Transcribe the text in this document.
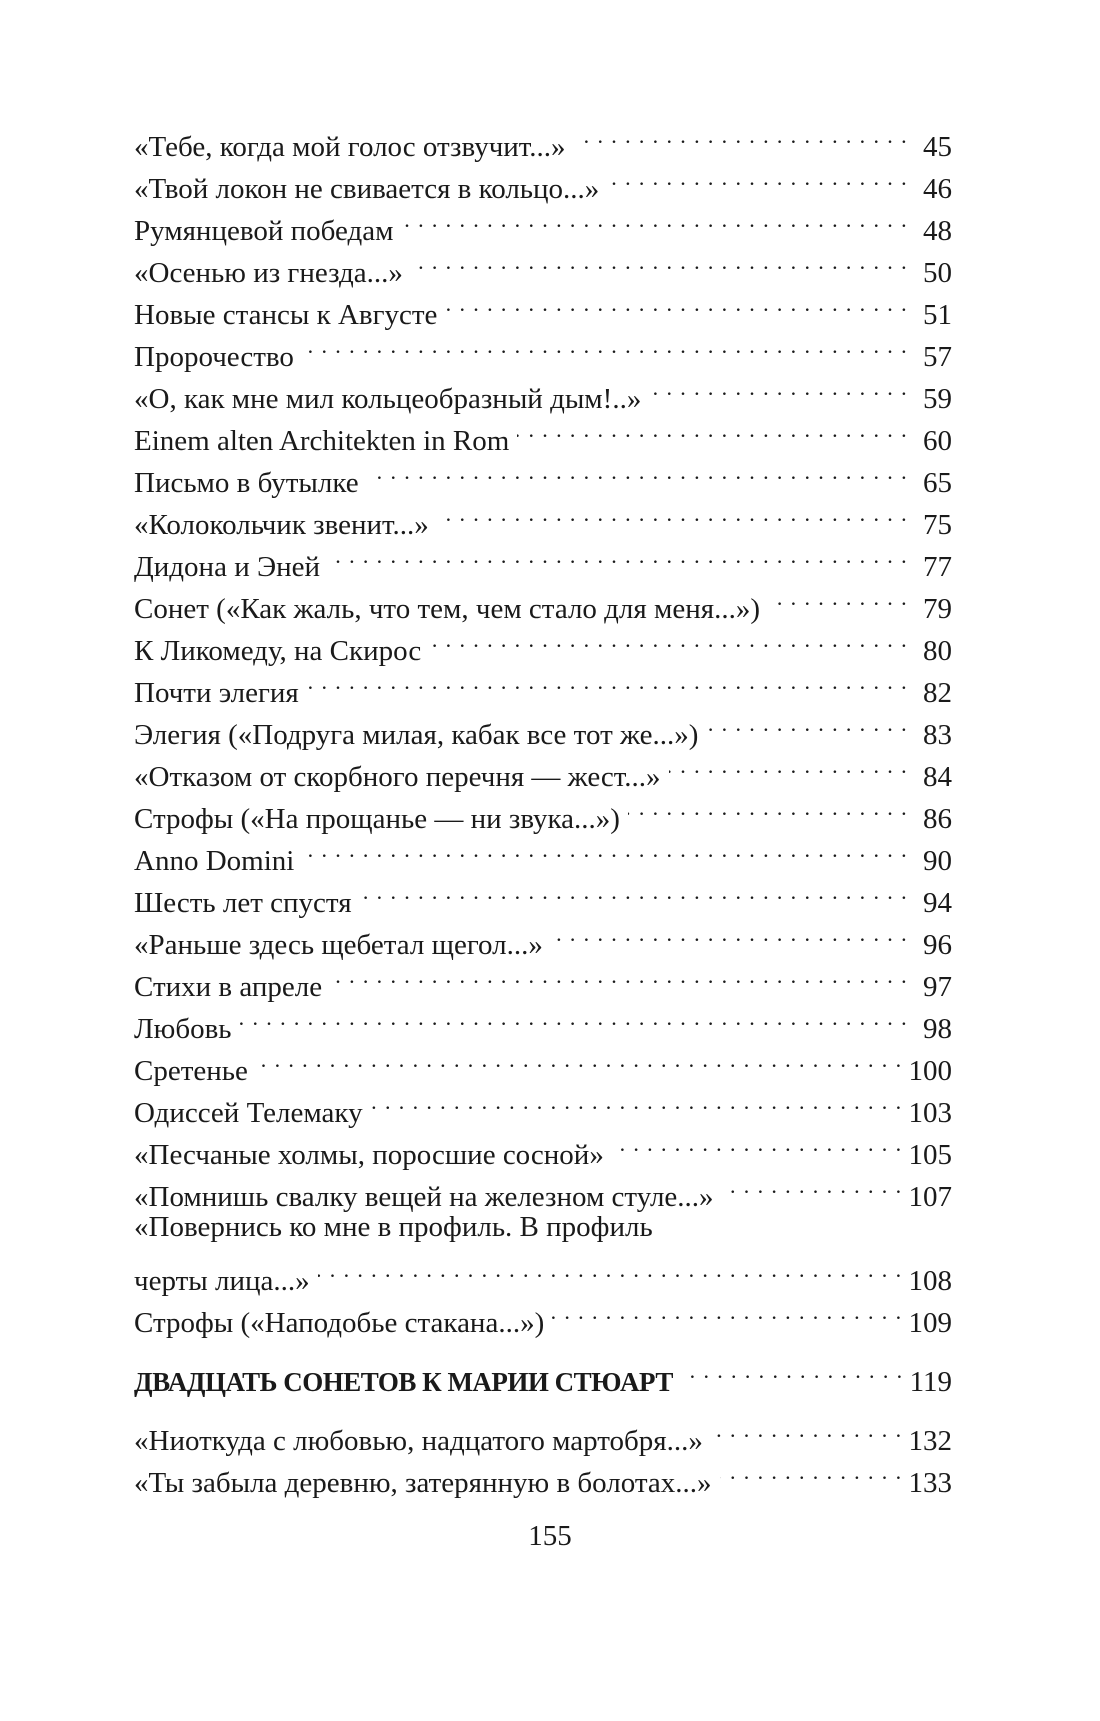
«Тебе, когда мой голос отзвучит...» . . .	45
«Твой локон не свивается в кольцо...» . . .	46
Румянцевой победам . . .	48
«Осенью из гнезда...» . . .	50
Новые стансы к Августе . . .	51
Пророчество . . .	57
«О, как мне мил кольцеобразный дым!..» . . .	59
Einem alten Architekten in Rom . . .	60
Письмо в бутылке . . .	65
«Колокольчик звенит...» . . .	75
Дидона и Эней . . .	77
Сонет («Как жаль, что тем, чем стало для меня...») . . .	79
К Ликомеду, на Скирос . . .	80
Почти элегия . . .	82
Элегия («Подруга милая, кабак все тот же...») . . .	83
«Отказом от скорбного перечня — жест...» . . .	84
Строфы («На прощанье — ни звука...») . . .	86
Anno Domini . . .	90
Шесть лет спустя . . .	94
«Раньше здесь щебетал щегол...» . . .	96
Стихи в апреле . . .	97
Любовь . . .	98
Сретенье . . .	100
Одиссей Телемаку . . .	103
«Песчаные холмы, поросшие сосной» . . .	105
«Помнишь свалку вещей на железном стуле...» . . .	107
«Повернись ко мне в профиль. В профиль
черты лица...» . . .	108
Строфы («Наподобье стакана...») . . .	109
ДВАДЦАТЬ СОНЕТОВ К МАРИИ СТЮАРТ . . .	119
«Ниоткуда с любовью, надцатого мартобря...» . . .	132
«Ты забыла деревню, затерянную в болотах...» . . .	133
155
